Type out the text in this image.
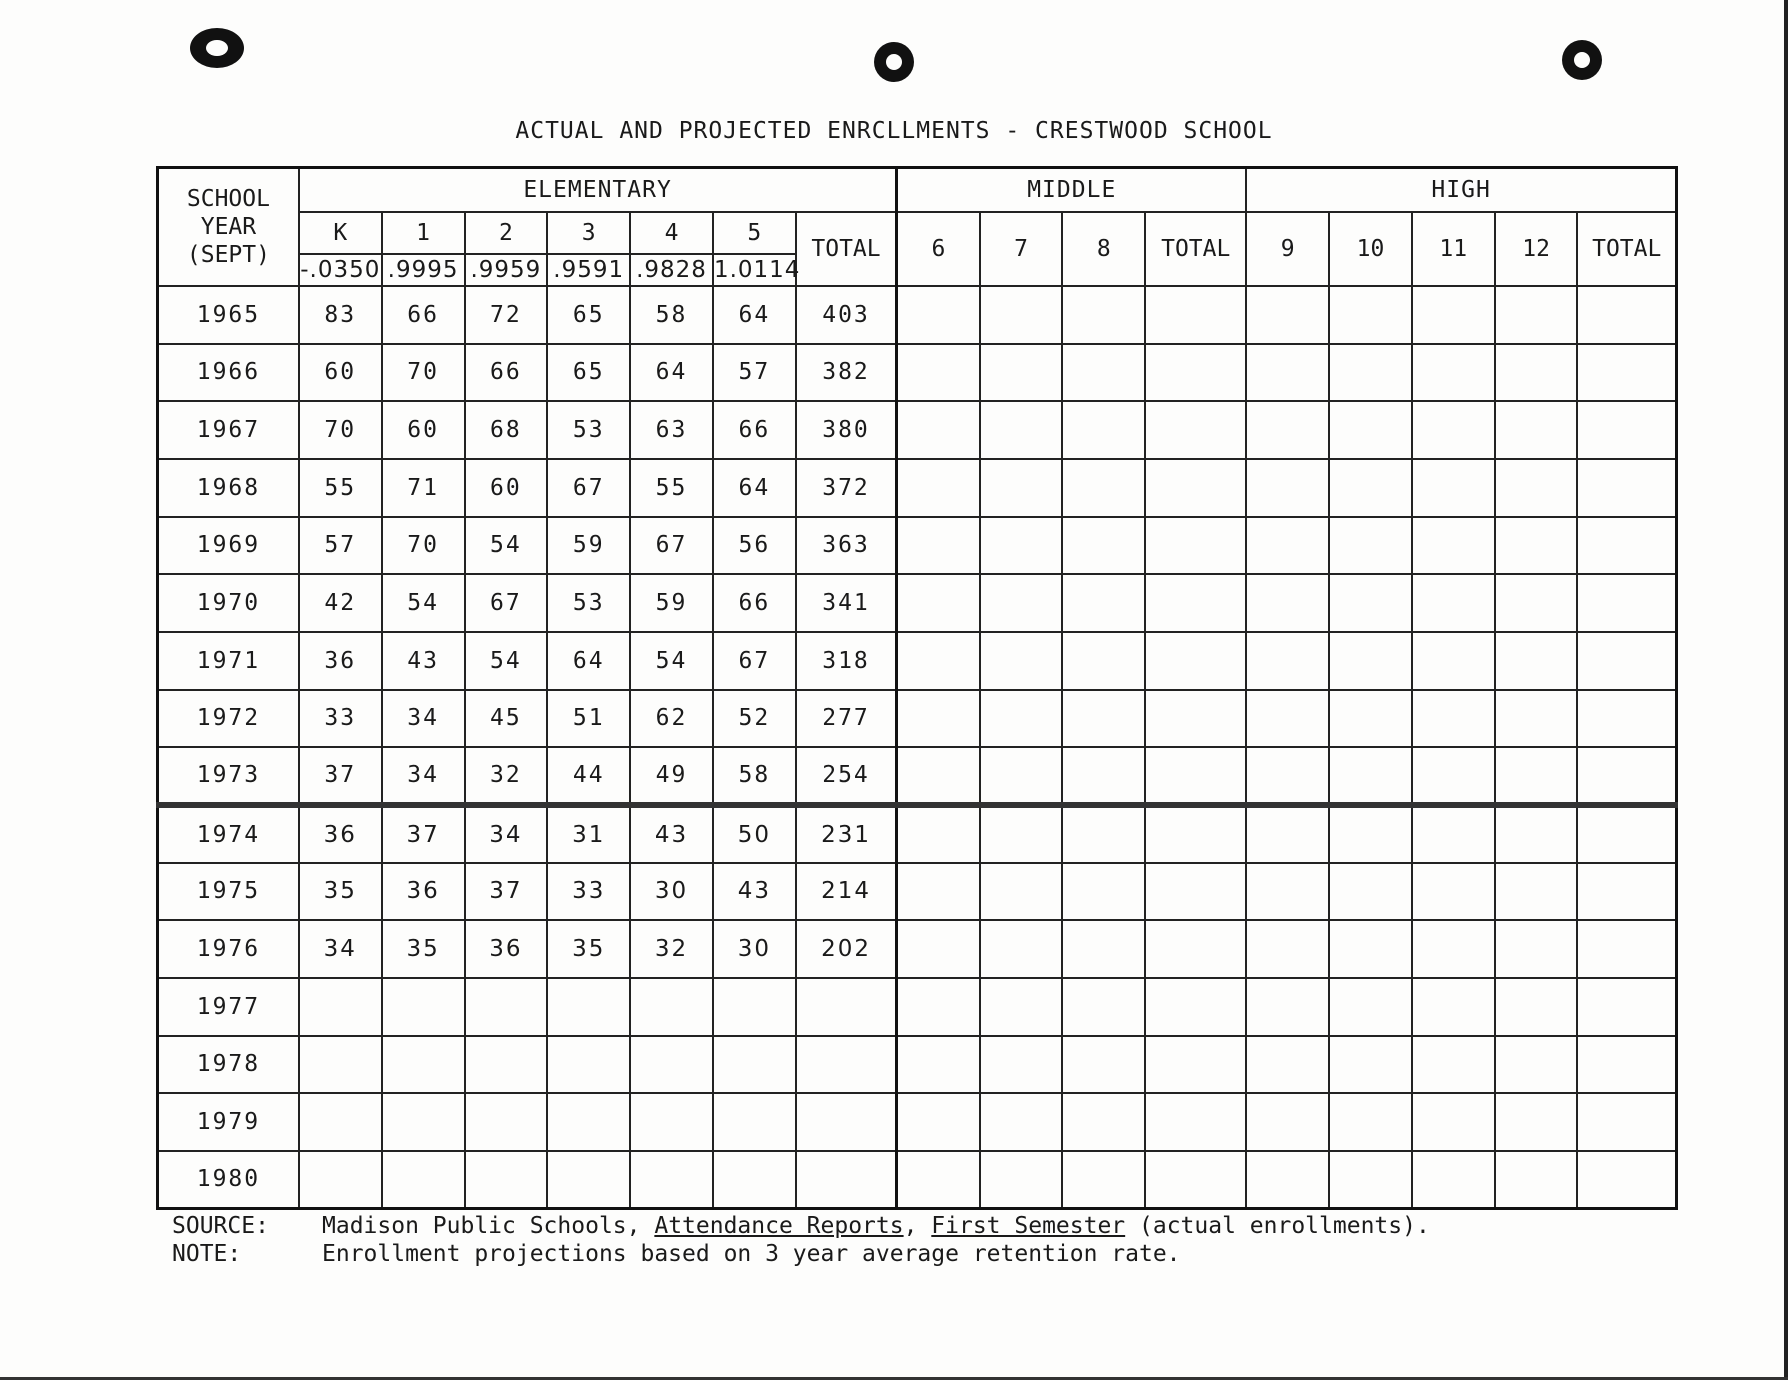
ACTUAL AND PROJECTED ENRCLLMENTS - CRESTWOOD SCHOOL
SCHOOL
YEAR
(SEPT)	ELEMENTARY							MIDDLE				HIGH				
	K	1	2	3	4	5	TOTAL	6	7	8	TOTAL	9	10	11	12	TOTAL
	-.0350	.9995	.9959	.9591	.9828	1.0114										
1965	83	66	72	65	58	64	403									
1966	60	70	66	65	64	57	382									
1967	70	60	68	53	63	66	380									
1968	55	71	60	67	55	64	372									
1969	57	70	54	59	67	56	363									
1970	42	54	67	53	59	66	341									
1971	36	43	54	64	54	67	318									
1972	33	34	45	51	62	52	277									
1973	37	34	32	44	49	58	254									
1974	36	37	34	31	43	50	231									
1975	35	36	37	33	30	43	214									
1976	34	35	36	35	32	30	202									
1977																
1978																
1979																
1980																
SOURCE: Madison Public Schools, Attendance Reports, First Semester (actual enrollments).
NOTE:	Enrollment projections based on 3 year average retention rate.
